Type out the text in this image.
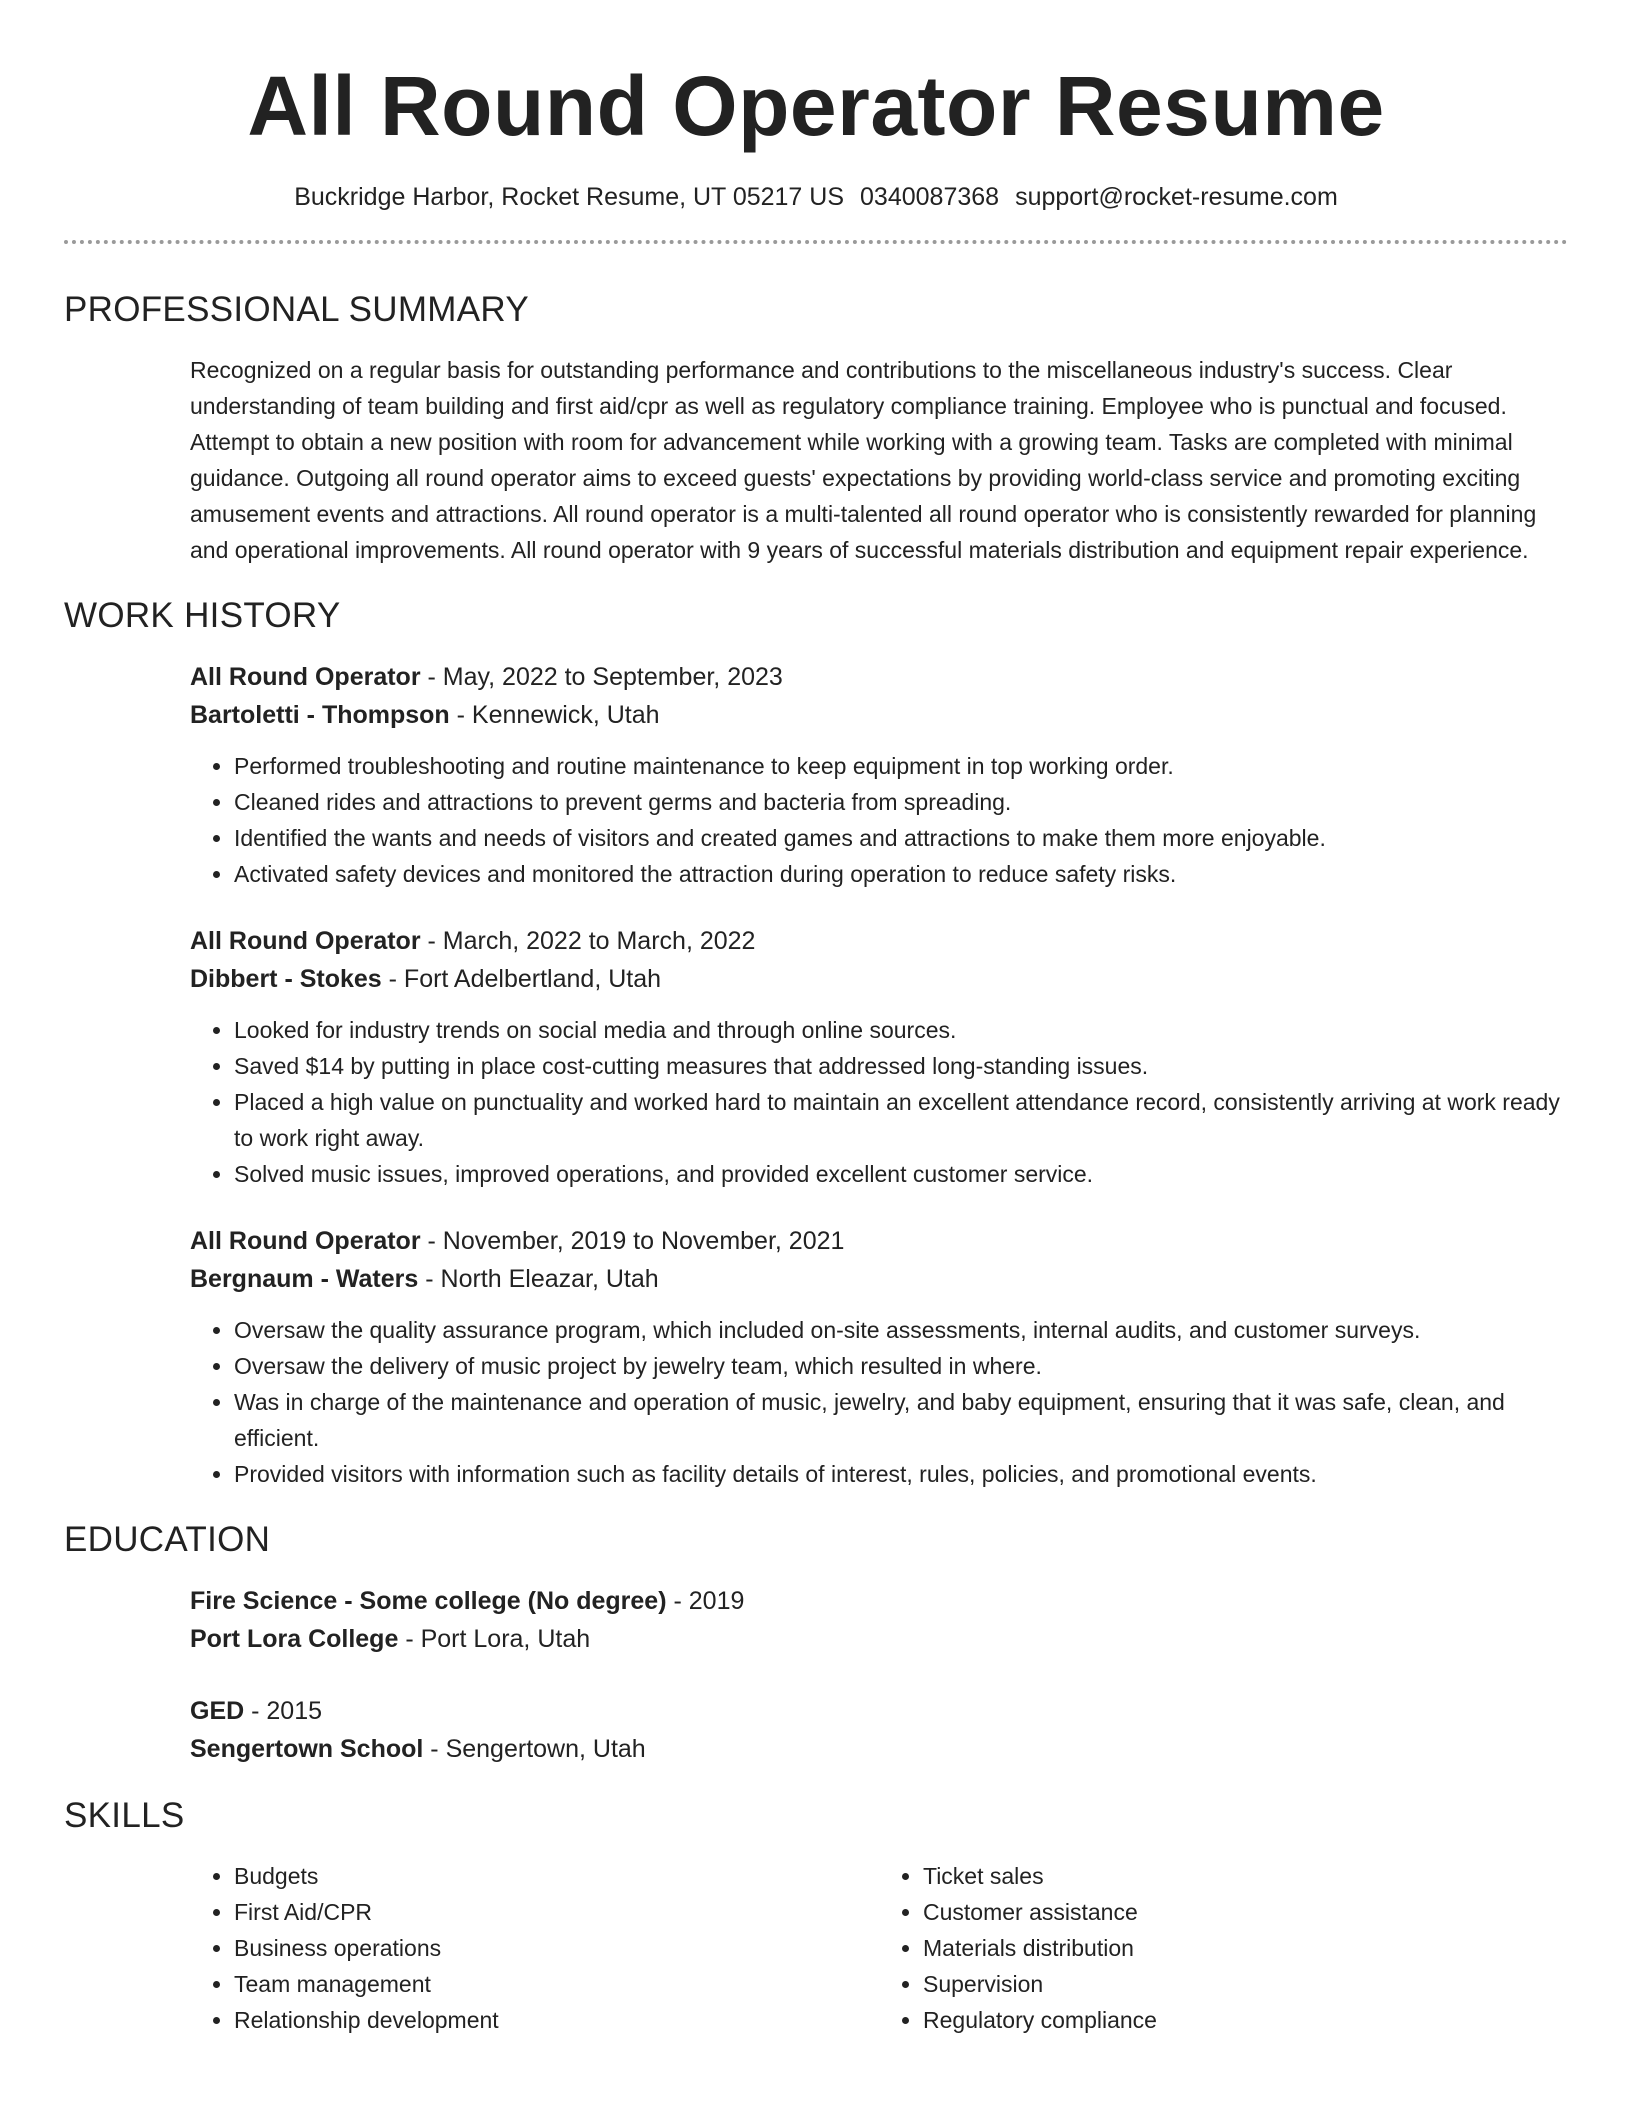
All Round Operator Resume
Buckridge Harbor, Rocket Resume, UT 05217 US 0340087368 support@rocket-resume.com
PROFESSIONAL SUMMARY

Recognized on a regular basis for outstanding performance and contributions to the miscellaneous industry's success. Clear understanding of team building and first aid/cpr as well as regulatory compliance training. Employee who is punctual and focused. Attempt to obtain a new position with room for advancement while working with a growing team. Tasks are completed with minimal guidance. Outgoing all round operator aims to exceed guests' expectations by providing world-class service and promoting exciting amusement events and attractions. All round operator is a multi-talented all round operator who is consistently rewarded for planning and operational improvements. All round operator with 9 years of successful materials distribution and equipment repair experience.

WORK HISTORY
All Round Operator - May, 2022 to September, 2023
Bartoletti - Thompson - Kennewick, Utah
• Performed troubleshooting and routine maintenance to keep equipment in top working order.
• Cleaned rides and attractions to prevent germs and bacteria from spreading.
• Identified the wants and needs of visitors and created games and attractions to make them more enjoyable.
• Activated safety devices and monitored the attraction during operation to reduce safety risks.
All Round Operator - March, 2022 to March, 2022
Dibbert - Stokes - Fort Adelbertland, Utah
• Looked for industry trends on social media and through online sources.
• Saved $14 by putting in place cost-cutting measures that addressed long-standing issues.
• Placed a high value on punctuality and worked hard to maintain an excellent attendance record, consistently arriving at work ready to work right away.
• Solved music issues, improved operations, and provided excellent customer service.
All Round Operator - November, 2019 to November, 2021
Bergnaum - Waters - North Eleazar, Utah
• Oversaw the quality assurance program, which included on-site assessments, internal audits, and customer surveys.
• Oversaw the delivery of music project by jewelry team, which resulted in where.
• Was in charge of the maintenance and operation of music, jewelry, and baby equipment, ensuring that it was safe, clean, and efficient.
• Provided visitors with information such as facility details of interest, rules, policies, and promotional events.
EDUCATION
Fire Science - Some college (No degree) - 2019
Port Lora College - Port Lora, Utah
GED - 2015
Sengertown School - Sengertown, Utah
SKILLS
• Budgets
• First Aid/CPR
• Business operations
• Team management
• Relationship development
• Ticket sales
• Customer assistance
• Materials distribution
• Supervision
• Regulatory compliance
